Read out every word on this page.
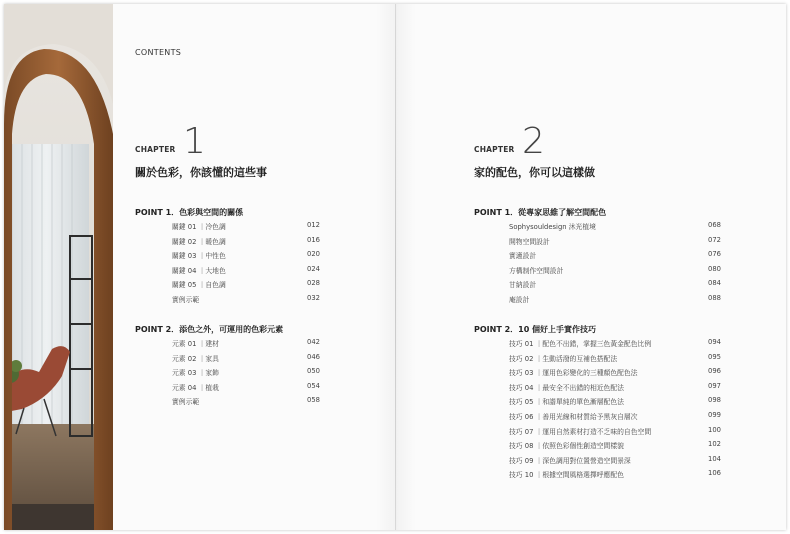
CONTENTS
CHAPTER 1
關於色彩，你該懂的這些事
POINT 1．色彩與空間的關係
關鍵 01 ｜冷色調	012
關鍵 02 ｜暖色調	016
關鍵 03 ｜中性色	020
關鍵 04 ｜大地色	024
關鍵 05 ｜自色調	028
實例示範	032
POINT 2．添色之外，可運用的色彩元素
元素 01 ｜建材	042
元素 02 ｜家具	046
元素 03 ｜家飾	050
元素 04 ｜植栽	054
實例示範	058
CHAPTER 2
家的配色，你可以這樣做
POINT 1．從專家思維了解空間配色
Sophysouldesign 沐光植境	068
開物空間設計	072
實適設計	076
方構制作空間設計	080
甘納設計	084
庵設計	088
POINT 2．10 個好上手實作技巧
技巧 01 ｜配色不出錯，掌握三色黃金配色比例	094
技巧 02 ｜生動活潑的互補色搭配法	095
技巧 03 ｜運用色彩變化的三種顏色配色法	096
技巧 04 ｜最安全不出錯的相近色配法	097
技巧 05 ｜和諧單純的單色漸層配色法	098
技巧 06 ｜善用光線和材質給予黑灰自層次	099
技巧 07 ｜運用自然素材打造不乏味的自色空間	100
技巧 08 ｜依照色彩個性創造空間樣貌	102
技巧 09 ｜深色調用對位置營造空間景深	104
技巧 10 ｜根據空間風格選擇呼應配色	106
